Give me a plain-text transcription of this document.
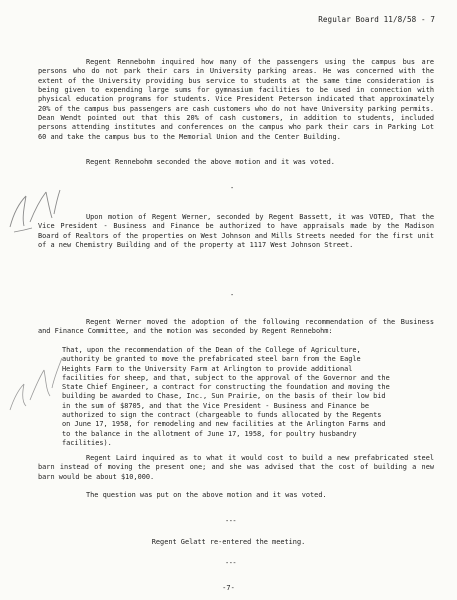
Regular Board 11/8/58 - 7

Regent Rennebohm inquired how many of the passengers using the campus bus are persons who do not park their cars in University parking areas. He was concerned with the extent of the University providing bus service to students at the same time consideration is being given to expending large sums for gymnasium facilities to be used in connection with physical education programs for students. Vice President Peterson indicated that approximately 20% of the campus bus passengers are cash customers who do not have University parking permits. Dean Wendt pointed out that this 20% of cash customers, in addition to students, included persons attending institutes and conferences on the campus who park their cars in Parking Lot 60 and take the campus bus to the Memorial Union and the Center Building.

Regent Rennebohm seconded the above motion and it was voted.

-

Upon motion of Regent Werner, seconded by Regent Bassett, it was VOTED, That the Vice President - Business and Finance be authorized to have appraisals made by the Madison Board of Realtors of the properties on West Johnson and Mills Streets needed for the first unit of a new Chemistry Building and of the property at 1117 West Johnson Street.

-

Regent Werner moved the adoption of the following recommendation of the Business and Finance Committee, and the motion was seconded by Regent Rennebohm:

That, upon the recommendation of the Dean of the College of Agriculture, authority be granted to move the prefabricated steel barn from the Eagle Heights Farm to the University Farm at Arlington to provide additional facilities for sheep, and that, subject to the approval of the Governor and the State Chief Engineer, a contract for constructing the foundation and moving the building be awarded to Chase, Inc., Sun Prairie, on the basis of their low bid in the sum of $8705, and that the Vice President - Business and Finance be authorized to sign the contract (chargeable to funds allocated by the Regents on June 17, 1958, for remodeling and new facilities at the Arlington Farms and to the balance in the allotment of June 17, 1958, for poultry husbandry facilities).

Regent Laird inquired as to what it would cost to build a new prefabricated steel barn instead of moving the present one; and she was advised that the cost of building a new barn would be about $10,000.

The question was put on the above motion and it was voted.

---
Regent Gelatt re-entered the meeting.
---
-7-
